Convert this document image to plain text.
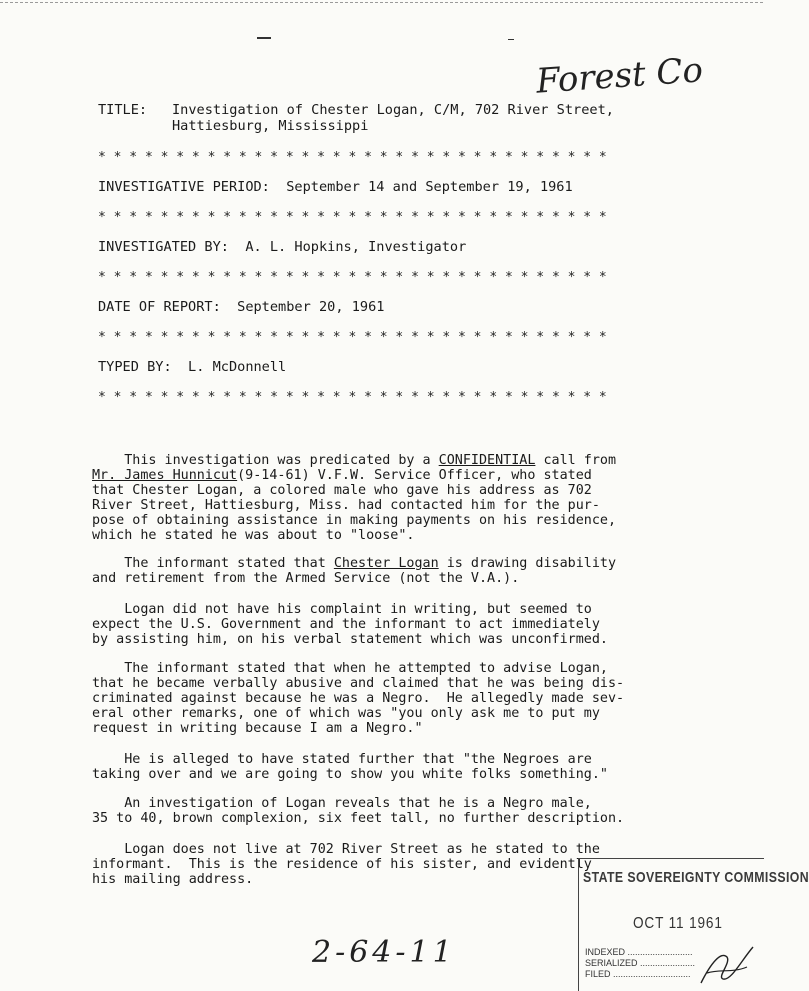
Forest Co
TITLE: Investigation of Chester Logan, C/M, 702 River Street,
Hattiesburg, Mississippi
* * * * * * * * * * * * * * * * * * * * * * * * * * * * * * * * *
INVESTIGATIVE PERIOD:  September 14 and September 19, 1961
* * * * * * * * * * * * * * * * * * * * * * * * * * * * * * * * *
INVESTIGATED BY:  A. L. Hopkins, Investigator
* * * * * * * * * * * * * * * * * * * * * * * * * * * * * * * * *
DATE OF REPORT:  September 20, 1961
* * * * * * * * * * * * * * * * * * * * * * * * * * * * * * * * *
TYPED BY:  L. McDonnell
* * * * * * * * * * * * * * * * * * * * * * * * * * * * * * * * *
This investigation was predicated by a CONFIDENTIAL call from
Mr. James Hunnicut(9-14-61) V.F.W. Service Officer, who stated
that Chester Logan, a colored male who gave his address as 702
River Street, Hattiesburg, Miss. had contacted him for the pur-
pose of obtaining assistance in making payments on his residence,
which he stated he was about to "loose".
The informant stated that Chester Logan is drawing disability
and retirement from the Armed Service (not the V.A.).
Logan did not have his complaint in writing, but seemed to
expect the U.S. Government and the informant to act immediately
by assisting him, on his verbal statement which was unconfirmed.
The informant stated that when he attempted to advise Logan,
that he became verbally abusive and claimed that he was being dis-
criminated against because he was a Negro.  He allegedly made sev-
eral other remarks, one of which was "you only ask me to put my
request in writing because I am a Negro."
He is alleged to have stated further that "the Negroes are
taking over and we are going to show you white folks something."
An investigation of Logan reveals that he is a Negro male,
35 to 40, brown complexion, six feet tall, no further description.
Logan does not live at 702 River Street as he stated to the
informant.  This is the residence of his sister, and evidently
his mailing address.
2-64-11
STATE SOVEREIGNTY COMMISSION
OCT 11 1961
INDEXED ..........................
SERIALIZED ......................
FILED ...............................
